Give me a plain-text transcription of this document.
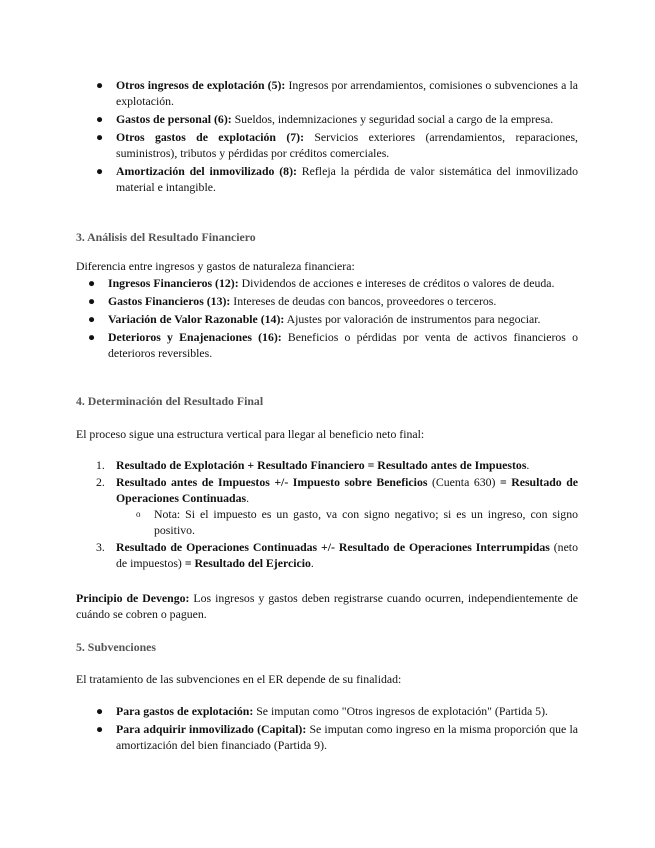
● Otros ingresos de explotación (5): Ingresos por arrendamientos, comisiones o subvenciones a la explotación.
● Gastos de personal (6): Sueldos, indemnizaciones y seguridad social a cargo de la empresa.
● Otros gastos de explotación (7): Servicios exteriores (arrendamientos, reparaciones, suministros), tributos y pérdidas por créditos comerciales.
● Amortización del inmovilizado (8): Refleja la pérdida de valor sistemática del inmovilizado material e intangible.
3. Análisis del Resultado Financiero
Diferencia entre ingresos y gastos de naturaleza financiera:
● Ingresos Financieros (12): Dividendos de acciones e intereses de créditos o valores de deuda.
● Gastos Financieros (13): Intereses de deudas con bancos, proveedores o terceros.
● Variación de Valor Razonable (14): Ajustes por valoración de instrumentos para negociar.
● Deterioros y Enajenaciones (16): Beneficios o pérdidas por venta de activos financieros o deterioros reversibles.
4. Determinación del Resultado Final
El proceso sigue una estructura vertical para llegar al beneficio neto final:
1. Resultado de Explotación + Resultado Financiero = Resultado antes de Impuestos.
2. Resultado antes de Impuestos +/- Impuesto sobre Beneficios (Cuenta 630) = Resultado de Operaciones Continuadas.
o Nota: Si el impuesto es un gasto, va con signo negativo; si es un ingreso, con signo positivo.
3. Resultado de Operaciones Continuadas +/- Resultado de Operaciones Interrumpidas (neto de impuestos) = Resultado del Ejercicio.
Principio de Devengo: Los ingresos y gastos deben registrarse cuando ocurren, independientemente de cuándo se cobren o paguen.
5. Subvenciones
El tratamiento de las subvenciones en el ER depende de su finalidad:
● Para gastos de explotación: Se imputan como "Otros ingresos de explotación" (Partida 5).
● Para adquirir inmovilizado (Capital): Se imputan como ingreso en la misma proporción que la amortización del bien financiado (Partida 9).
